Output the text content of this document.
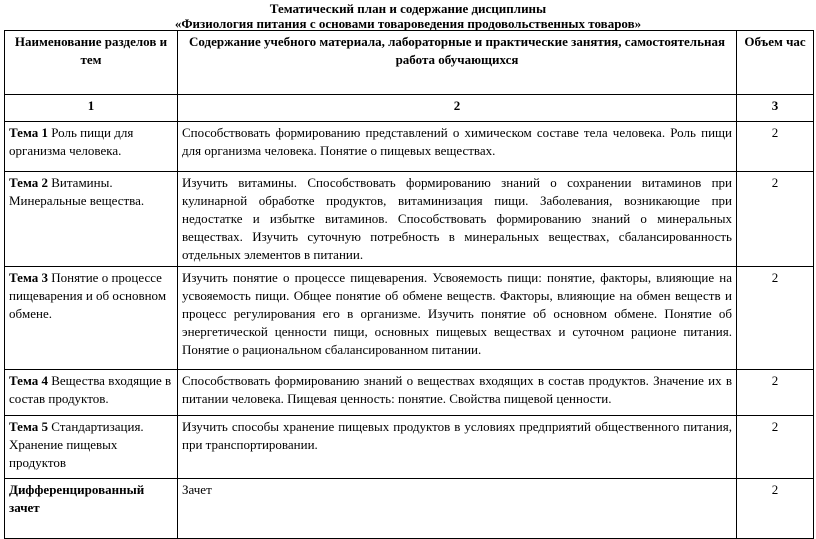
Тематический план и содержание дисциплины
«Физиология питания с основами товароведения продовольственных товаров»
Наименование разделов и тем	Содержание учебного материала, лабораторные и практические занятия, самостоятельная работа обучающихся	Объем час
1	2	3
Тема 1 Роль пищи для организма человека.	Способствовать формированию представлений о химическом составе тела человека. Роль пищи для организма человека. Понятие о пищевых веществах.	2
Тема 2 Витамины. Минеральные вещества.	Изучить витамины. Способствовать формированию знаний о сохранении витаминов при кулинарной обработке продуктов, витаминизация пищи. Заболевания, возникающие при недостатке и избытке витаминов. Способствовать формированию знаний о минеральных веществах. Изучить суточную потребность в минеральных веществах, сбалансированность отдельных элементов в питании.	2
Тема 3 Понятие о процессе пищеварения и об основном обмене.	Изучить понятие о процессе пищеварения. Усвояемость пищи: понятие, факторы, влияющие на усвояемость пищи. Общее понятие об обмене веществ. Факторы, влияющие на обмен веществ и процесс регулирования его в организме. Изучить понятие об основном обмене. Понятие об энергетической ценности пищи, основных пищевых веществах и суточном рационе питания. Понятие о рациональном сбалансированном питании.	2
Тема 4 Вещества входящие в состав продуктов.	Способствовать формированию знаний о веществах входящих в состав продуктов. Значение их в питании человека. Пищевая ценность: понятие. Свойства пищевой ценности.	2
Тема 5 Стандартизация. Хранение пищевых продуктов	Изучить способы хранение пищевых продуктов в условиях предприятий общественного питания, при транспортировании.	2
Дифференцированный зачет	Зачет	2
